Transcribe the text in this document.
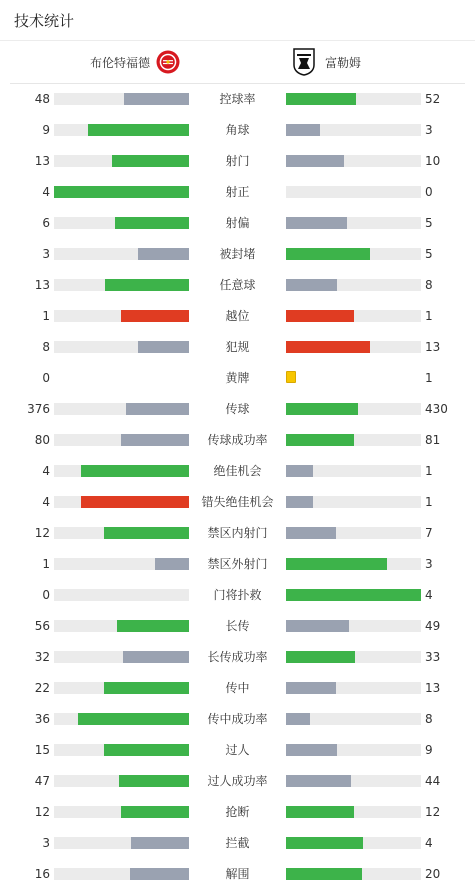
技术统计
布伦特福德	富勒姆
48	控球率	52
9	角球	3
13	射门	10
4	射正	0
6	射偏	5
3	被封堵	5
13	任意球	8
1	越位	1
8	犯规	13
0	黄牌	1
376	传球	430
80	传球成功率	81
4	绝佳机会	1
4	错失绝佳机会	1
12	禁区内射门	7
1	禁区外射门	3
0	门将扑救	4
56	长传	49
32	长传成功率	33
22	传中	13
36	传中成功率	8
15	过人	9
47	过人成功率	44
12	抢断	12
3	拦截	4
16	解围	20
